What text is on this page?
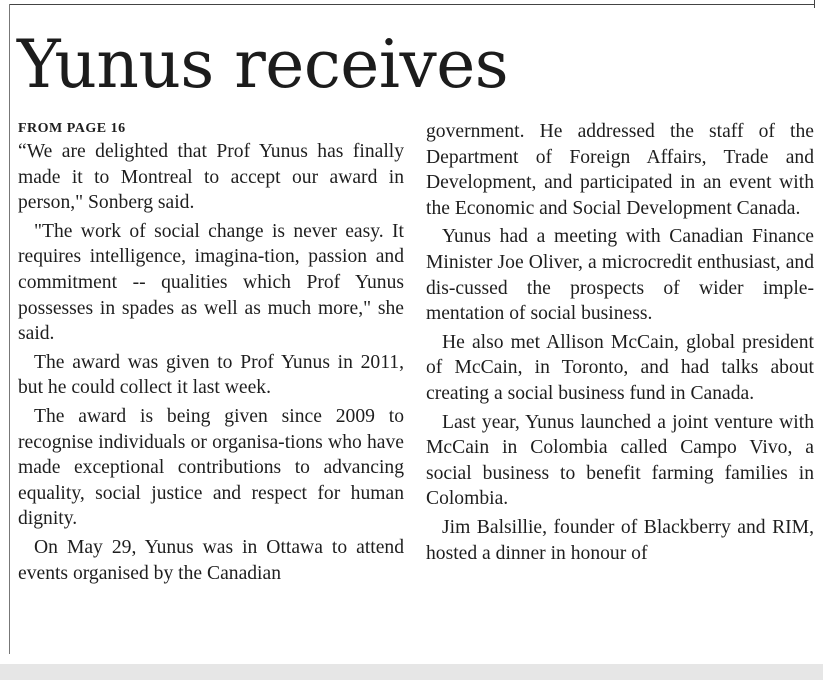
Yunus receives
FROM PAGE 16

“We are delighted that Prof Yunus has finally made it to Montreal to accept our award in person," Sonberg said.

"The work of social change is never easy. It requires intelligence, imagina-tion, passion and commitment -- qualities which Prof Yunus possesses in spades as well as much more," she said.

The award was given to Prof Yunus in 2011, but he could collect it last week.

The award is being given since 2009 to recognise individuals or organisa-tions who have made exceptional contributions to advancing equality, social justice and respect for human dignity.

On May 29, Yunus was in Ottawa to attend events organised by the Canadian

government. He addressed the staff of the Department of Foreign Affairs, Trade and Development, and participated in an event with the Economic and Social Development Canada.

Yunus had a meeting with Canadian Finance Minister Joe Oliver, a microcredit enthusiast, and dis-cussed the prospects of wider imple-mentation of social business.

He also met Allison McCain, global president of McCain, in Toronto, and had talks about creating a social business fund in Canada.

Last year, Yunus launched a joint venture with McCain in Colombia called Campo Vivo, a social business to benefit farming families in Colombia.

Jim Balsillie, founder of Blackberry and RIM, hosted a dinner in honour of
